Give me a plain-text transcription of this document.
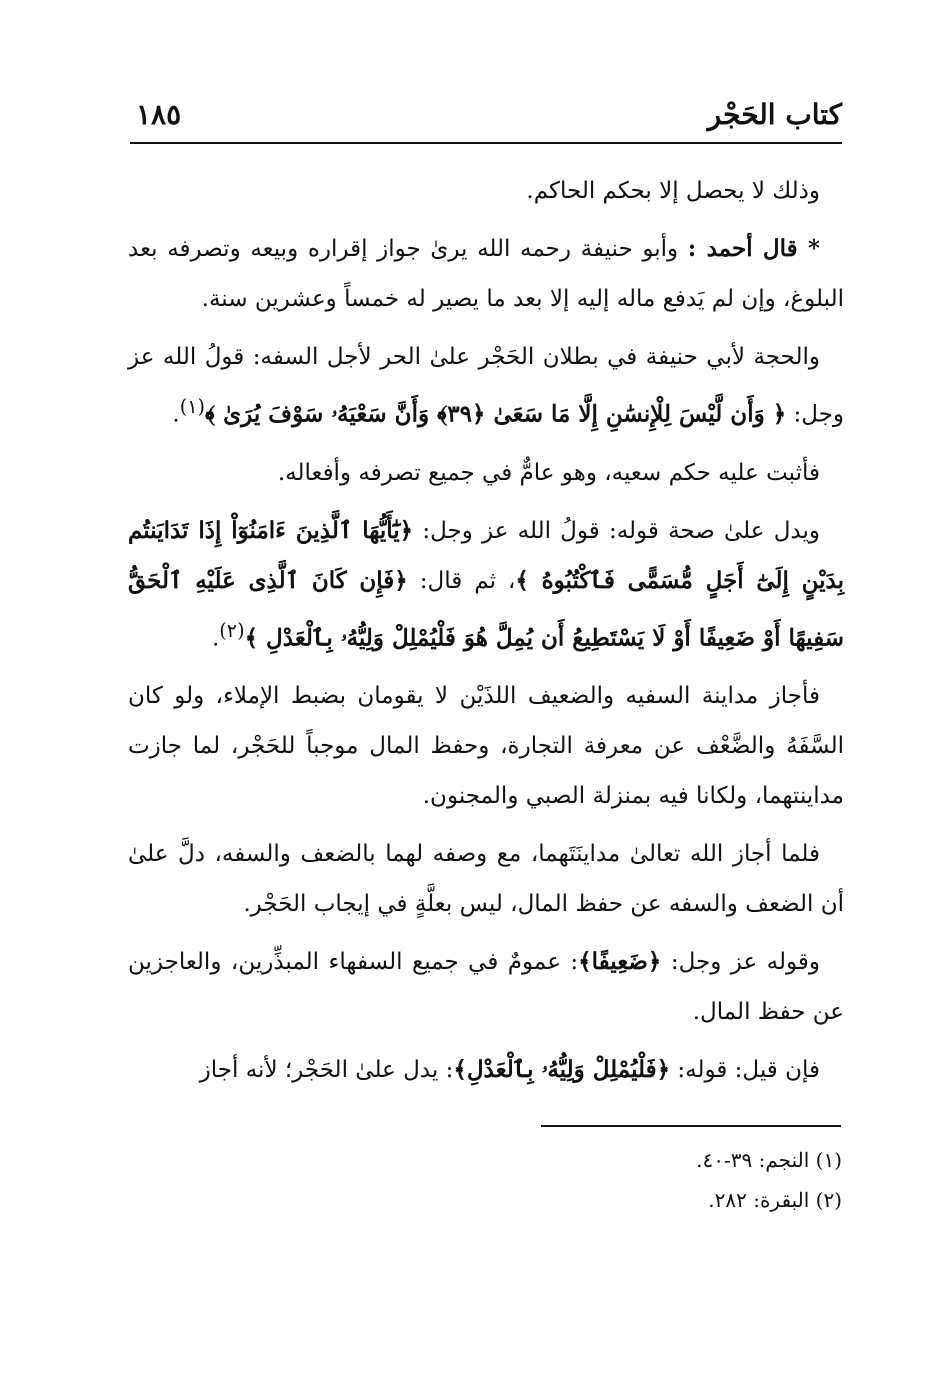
كتاب الحَجْر
١٨٥

وذلك لا يحصل إلا بحكم الحاكم.

* قال أحمد : وأبو حنيفة رحمه الله يرىٰ جواز إقراره وبيعه وتصرفه بعد البلوغ، وإن لم يَدفع ماله إليه إلا بعد ما يصير له خمساً وعشرين سنة.

والحجة لأبي حنيفة في بطلان الحَجْر علىٰ الحر لأجل السفه: قولُ الله عز وجل: ﴿ وَأَن لَّيْسَ لِلْإِنسَٰنِ إِلَّا مَا سَعَىٰ ﴿٣٩﴾ وَأَنَّ سَعْيَهُۥ سَوْفَ يُرَىٰ ﴾$^{(١)}$.

فأثبت عليه حكم سعيه، وهو عامٌّ في جميع تصرفه وأفعاله.

ويدل علىٰ صحة قوله: قولُ الله عز وجل: ﴿يَٰٓأَيُّهَا ٱلَّذِينَ ءَامَنُوٓاْ إِذَا تَدَايَنتُم بِدَيْنٍ إِلَىٰٓ أَجَلٍ مُّسَمًّى فَٱكْتُبُوهُ ﴾، ثم قال: ﴿فَإِن كَانَ ٱلَّذِى عَلَيْهِ ٱلْحَقُّ سَفِيهًا أَوْ ضَعِيفًا أَوْ لَا يَسْتَطِيعُ أَن يُمِلَّ هُوَ فَلْيُمْلِلْ وَلِيُّهُۥ بِٱلْعَدْلِ ﴾$^{(٢)}$.

فأجاز مداينة السفيه والضعيف اللذَيْن لا يقومان بضبط الإملاء، ولو كان السَّفَهُ والضَّعْف عن معرفة التجارة، وحفظ المال موجباً للحَجْر، لما جازت مداينتهما، ولكانا فيه بمنزلة الصبي والمجنون.

فلما أجاز الله تعالىٰ مداينَتَهما، مع وصفه لهما بالضعف والسفه، دلَّ علىٰ أن الضعف والسفه عن حفظ المال، ليس بعلَّةٍ في إيجاب الحَجْر.

وقوله عز وجل: ﴿ضَعِيفًا﴾: عمومٌ في جميع السفهاء المبذِّرين، والعاجزين عن حفظ المال.

فإن قيل: قوله: ﴿فَلْيُمْلِلْ وَلِيُّهُۥ بِٱلْعَدْلِ﴾: يدل علىٰ الحَجْر؛ لأنه أجاز

(١) النجم: ٣٩-٤٠.
(٢) البقرة: ٢٨٢.
